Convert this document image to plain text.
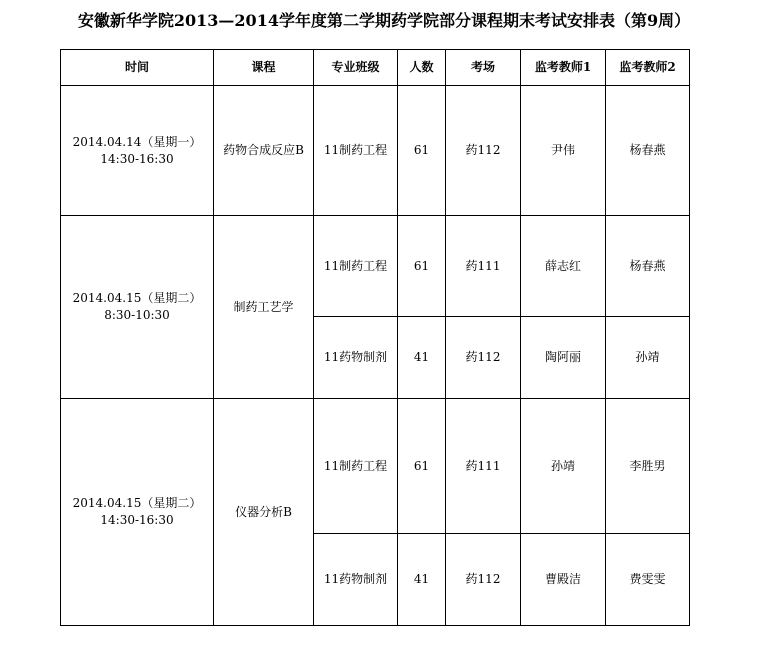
安徽新华学院2013—2014学年度第二学期药学院部分课程期末考试安排表（第9周）
时间	课程	专业班级	人数	考场	监考教师1	监考教师2

2014.04.14（星期一）
14:30-16:30	药物合成反应B	11制药工程	61	药112	尹伟	杨春燕

2014.04.15（星期二）
8:30-10:30	制药工艺学	11制药工程	61	药111	薛志红	杨春燕
		11药物制剂	41	药112	陶阿丽	孙靖

2014.04.15（星期二）
14:30-16:30	仪器分析B	11制药工程	61	药111	孙靖	李胜男
		11药物制剂	41	药112	曹殿洁	费雯雯
